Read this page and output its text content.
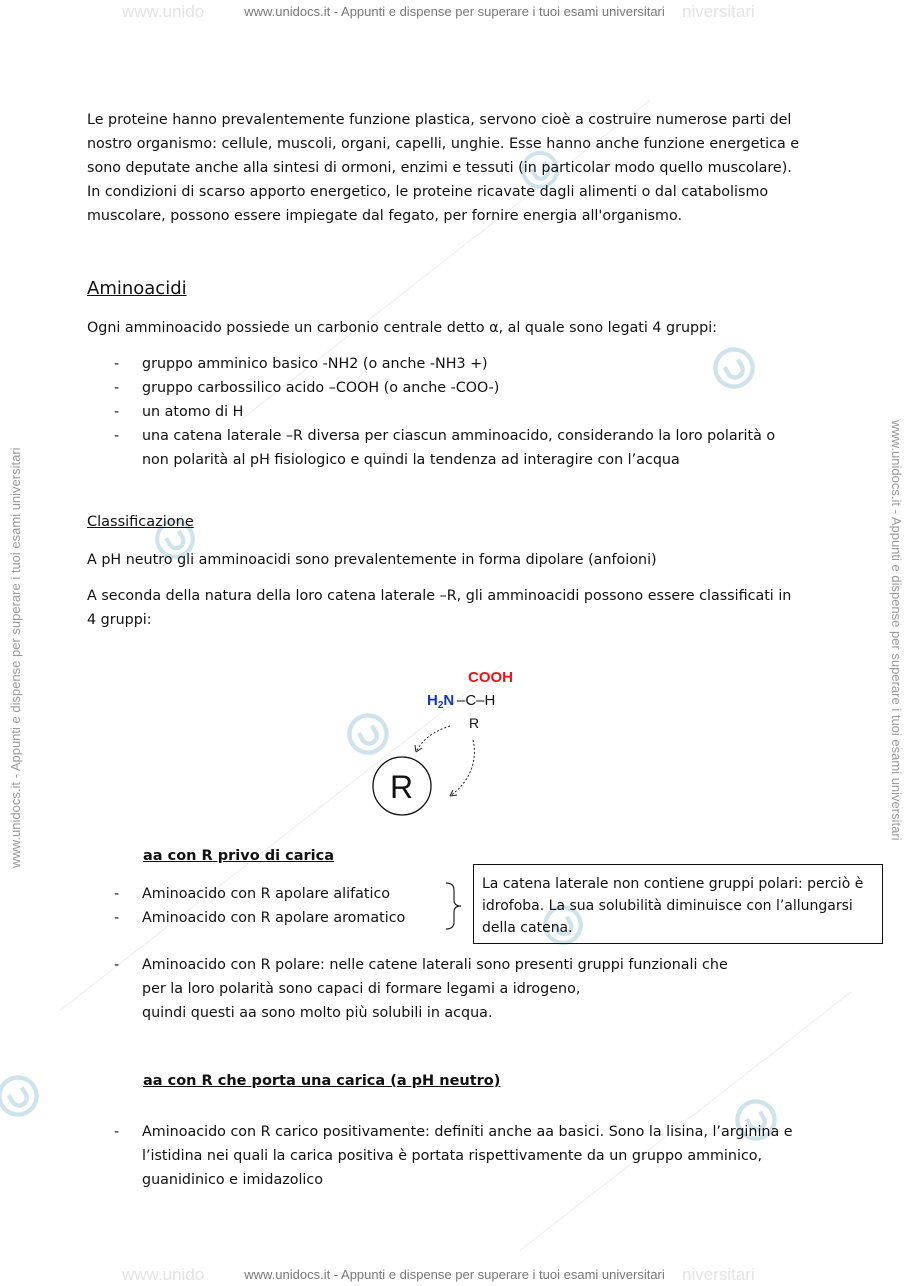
www.unido	niversitari
www.unido	niversitari
www.unidocs.it - Appunti e dispense per superare i tuoi esami universitari
www.unidocs.it - Appunti e dispense per superare i tuoi esami universitari
www.unidocs.it - Appunti e dispense per superare i tuoi esami universitari	www.unidocs.it - Appunti e dispense per superare i tuoi esami universitari
Le proteine hanno prevalentemente funzione plastica, servono cioè a costruire numerose parti del
nostro organismo: cellule, muscoli, organi, capelli, unghie. Esse hanno anche funzione energetica e
sono deputate anche alla sintesi di ormoni, enzimi e tessuti (in particolar modo quello muscolare).
In condizioni di scarso apporto energetico, le proteine ricavate dagli alimenti o dal catabolismo
muscolare, possono essere impiegate dal fegato, per fornire energia all'organismo.
Aminoacidi
Ogni amminoacido possiede un carbonio centrale detto α, al quale sono legati 4 gruppi:
- gruppo amminico basico -NH2 (o anche -NH3 +)
- gruppo carbossilico acido –COOH (o anche -COO-)
- un atomo di H
- una catena laterale –R diversa per ciascun amminoacido, considerando la loro polarità o
non polarità al pH fisiologico e quindi la tendenza ad interagire con l’acqua
Classificazione
A pH neutro gli amminoacidi sono prevalentemente in forma dipolare (anfoioni)
A seconda della natura della loro catena laterale –R, gli amminoacidi possono essere classificati in
4 gruppi:
COOH
$H_2N$ –C–H
R
R
aa con R privo di carica
- Aminoacido con R apolare alifatico
- Aminoacido con R apolare aromatico
La catena laterale non contiene gruppi polari: perciò è idrofoba. La sua solubilità diminuisce con l’allungarsi della catena.
- Aminoacido con R polare: nelle catene laterali sono presenti gruppi funzionali che
per la loro polarità sono capaci di formare legami a idrogeno,
quindi questi aa sono molto più solubili in acqua.
aa con R che porta una carica (a pH neutro)
- Aminoacido con R carico positivamente: definiti anche aa basici. Sono la lisina, l’arginina e
l’istidina nei quali la carica positiva è portata rispettivamente da un gruppo amminico,
guanidinico e imidazolico
